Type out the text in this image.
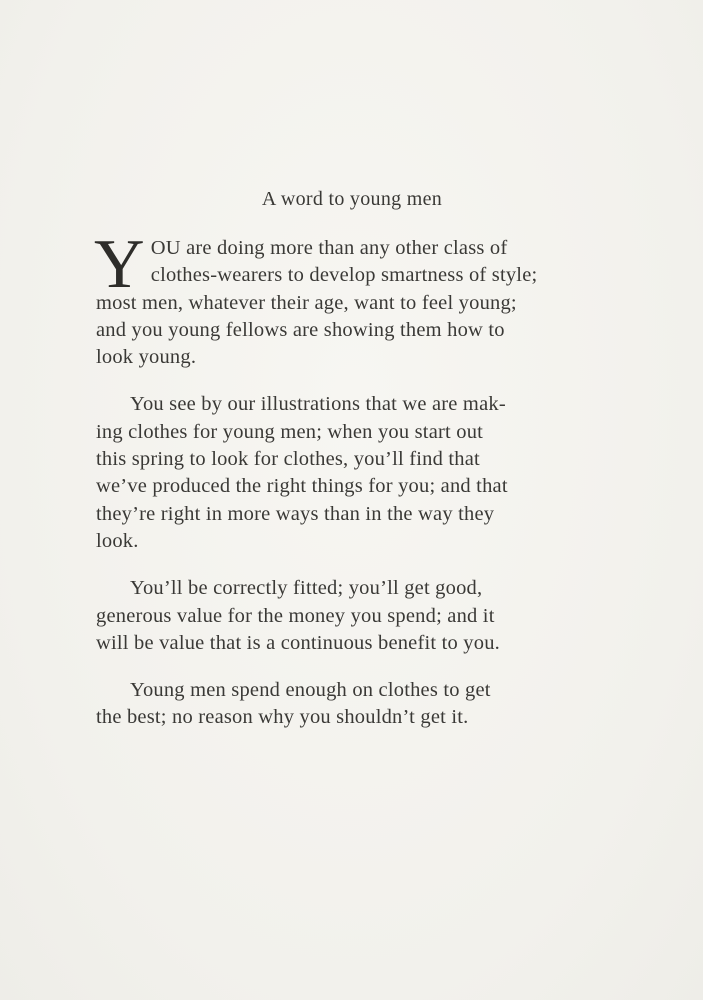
A word to young men

Y OU are doing more than any other class of
clothes-wearers to develop smartness of style;
most men, whatever their age, want to feel young;
and you young fellows are showing them how to
look young.

You see by our illustrations that we are mak-
ing clothes for young men; when you start out
this spring to look for clothes, you’ll find that
we’ve produced the right things for you; and that
they’re right in more ways than in the way they
look.

You’ll be correctly fitted; you’ll get good,
generous value for the money you spend; and it
will be value that is a continuous benefit to you.

Young men spend enough on clothes to get
the best; no reason why you shouldn’t get it.
